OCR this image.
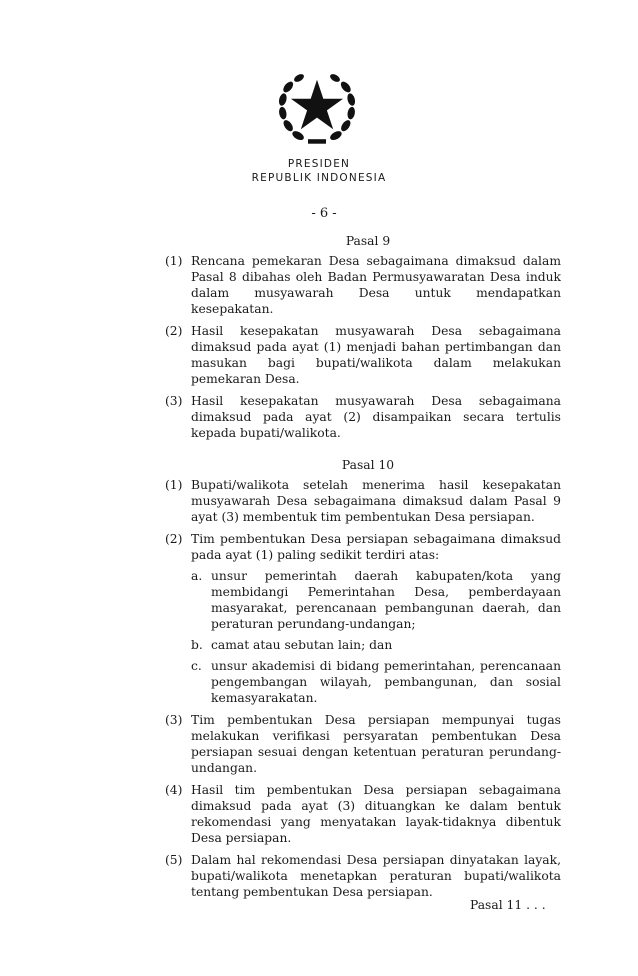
PRESIDEN
REPUBLIK INDONESIA
- 6 -
Pasal 9
(1) Rencana pemekaran Desa sebagaimana dimaksud dalam Pasal 8 dibahas oleh Badan Permusyawaratan Desa induk dalam musyawarah Desa untuk mendapatkan kesepakatan.
(2) Hasil kesepakatan musyawarah Desa sebagaimana dimaksud pada ayat (1) menjadi bahan pertimbangan dan masukan bagi bupati/walikota dalam melakukan pemekaran Desa.
(3) Hasil kesepakatan musyawarah Desa sebagaimana dimaksud pada ayat (2) disampaikan secara tertulis kepada bupati/walikota.
Pasal 10
(1) Bupati/walikota setelah menerima hasil kesepakatan musyawarah Desa sebagaimana dimaksud dalam Pasal 9 ayat (3) membentuk tim pembentukan Desa persiapan.
(2) Tim pembentukan Desa persiapan sebagaimana dimaksud pada ayat (1) paling sedikit terdiri atas:
a. unsur pemerintah daerah kabupaten/kota yang membidangi Pemerintahan Desa, pemberdayaan masyarakat, perencanaan pembangunan daerah, dan peraturan perundang-undangan;
b. camat atau sebutan lain; dan
c. unsur akademisi di bidang pemerintahan, perencanaan pengembangan wilayah, pembangunan, dan sosial kemasyarakatan.
(3) Tim pembentukan Desa persiapan mempunyai tugas melakukan verifikasi persyaratan pembentukan Desa persiapan sesuai dengan ketentuan peraturan perundang-undangan.
(4) Hasil tim pembentukan Desa persiapan sebagaimana dimaksud pada ayat (3) dituangkan ke dalam bentuk rekomendasi yang menyatakan layak-tidaknya dibentuk Desa persiapan.
(5) Dalam hal rekomendasi Desa persiapan dinyatakan layak, bupati/walikota menetapkan peraturan bupati/walikota tentang pembentukan Desa persiapan.
Pasal 11 . . .
